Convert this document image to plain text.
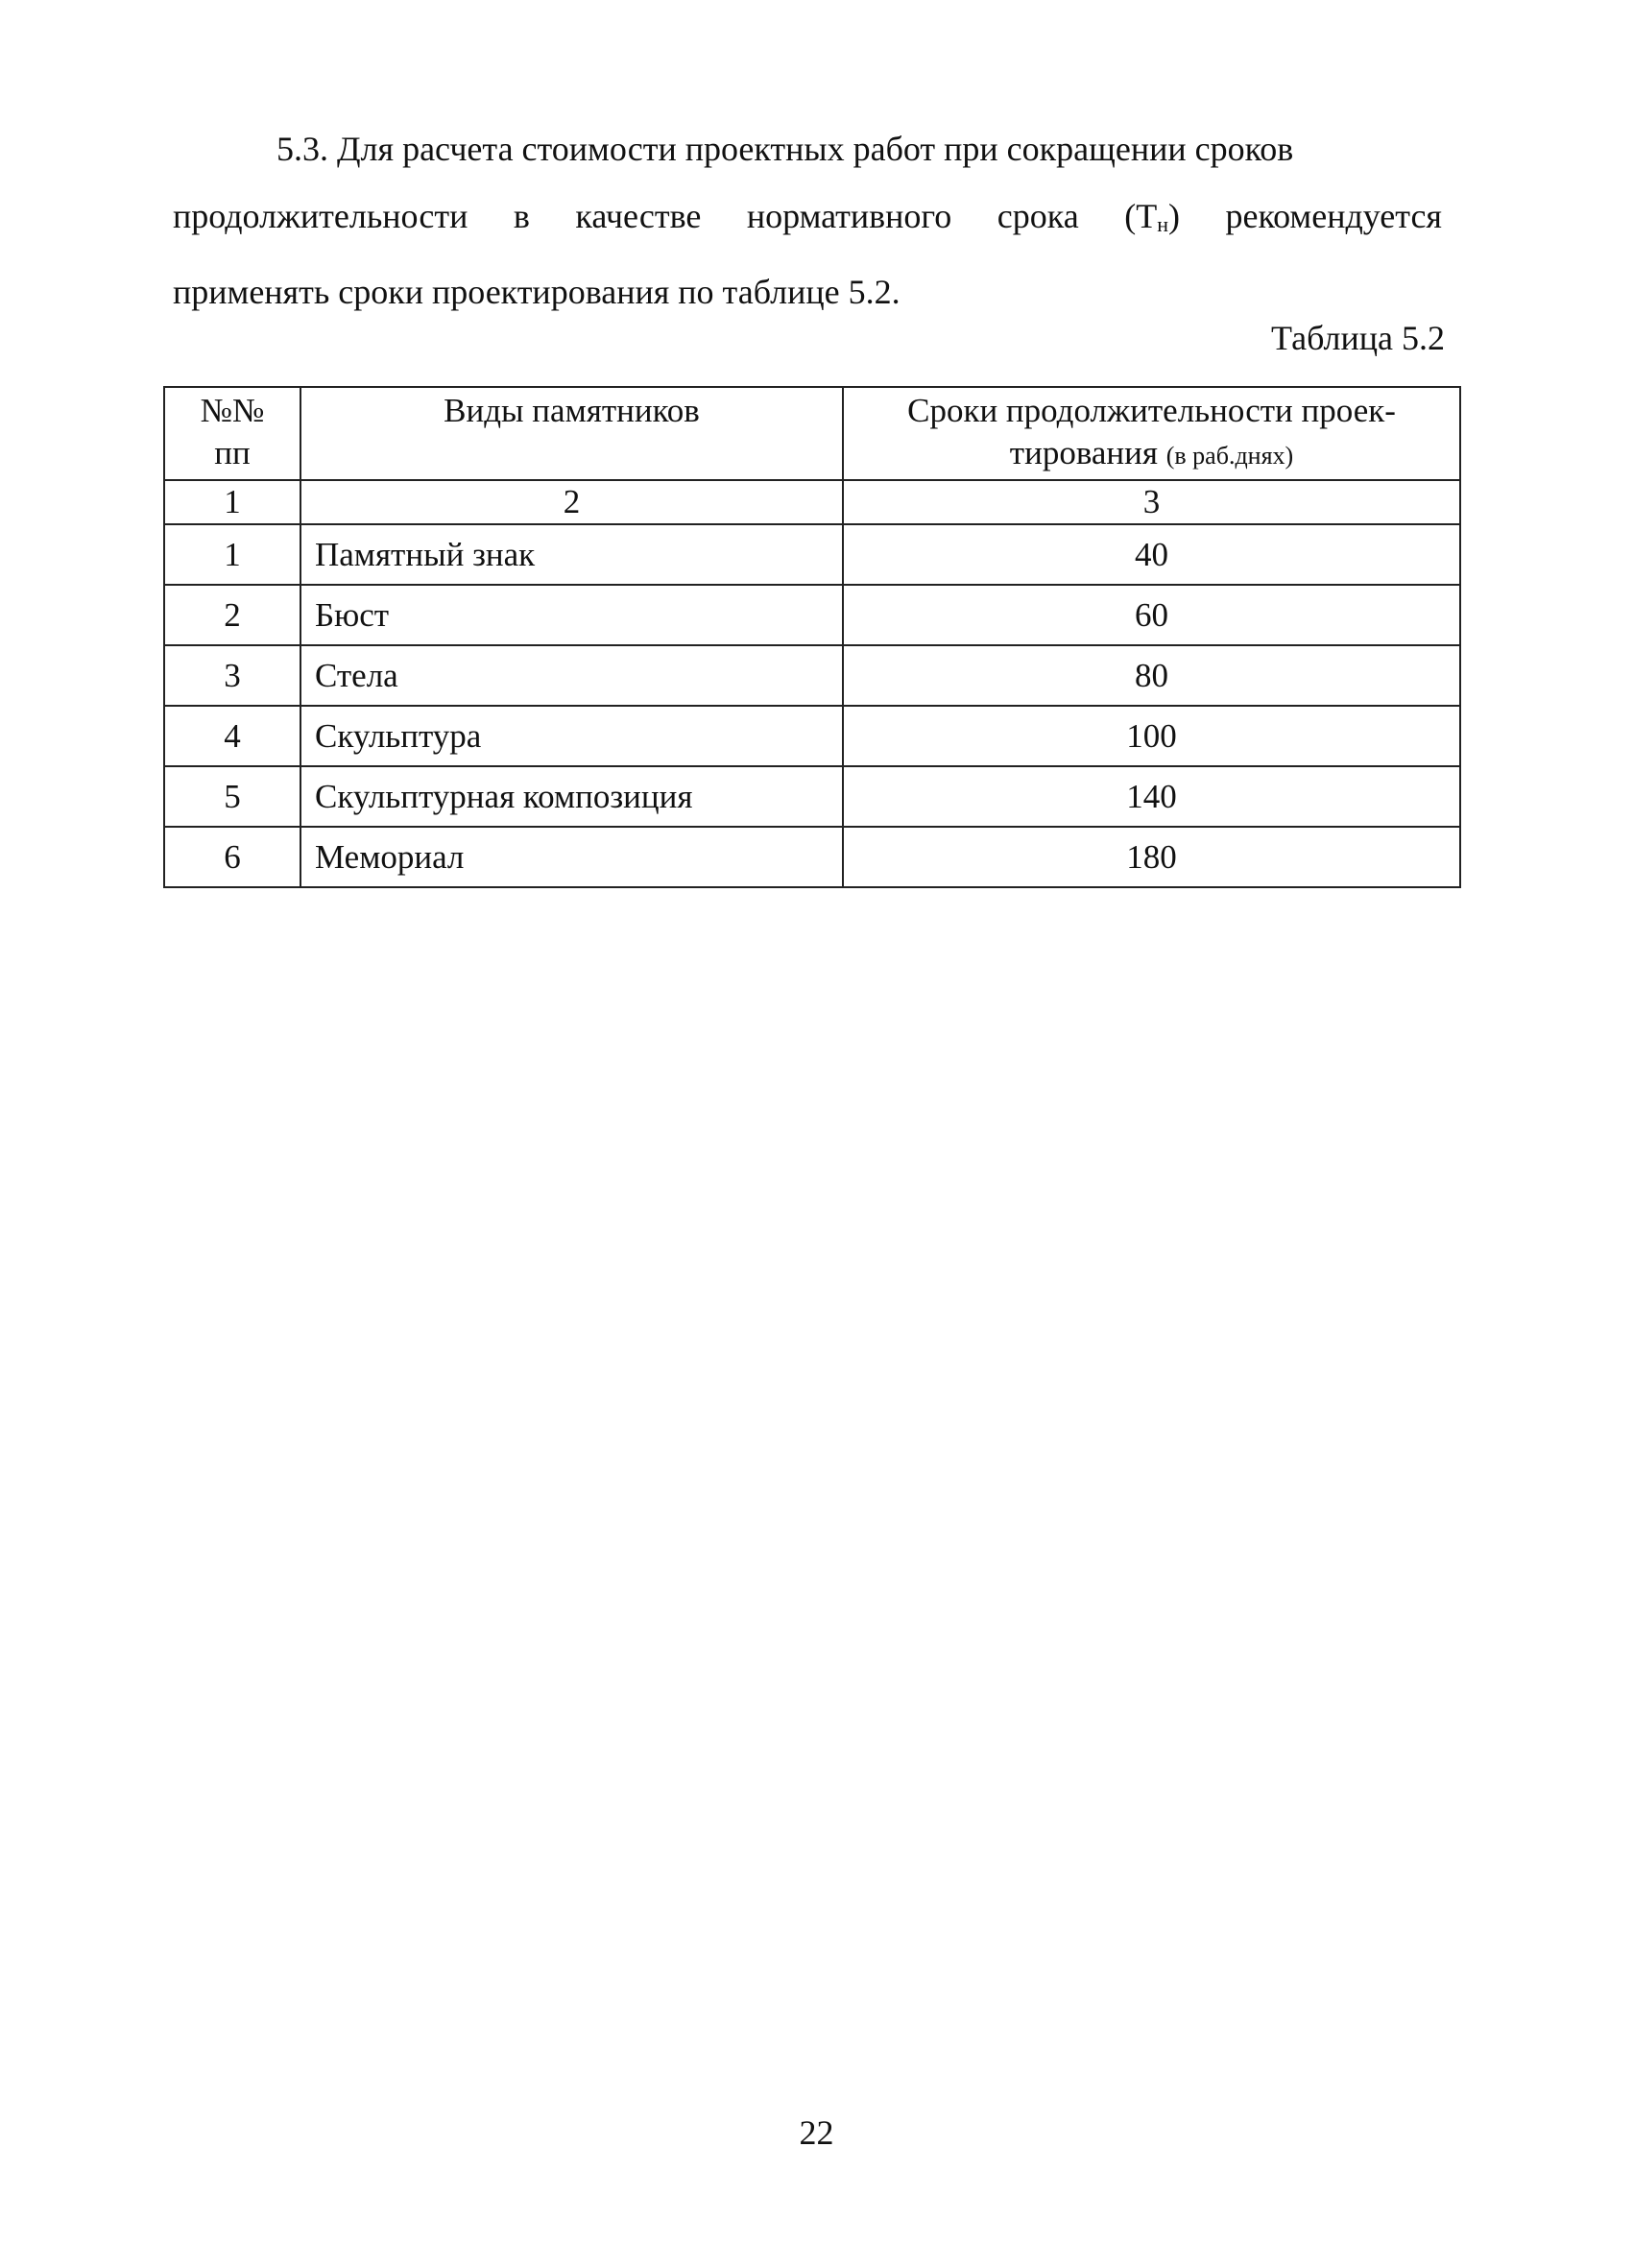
5.3. Для расчета стоимости проектных работ при сокращении сроков
продолжительности в качестве нормативного срока $(Т_н)$ рекомендуется
применять сроки проектирования по таблице 5.2.
Таблица 5.2
№№ пп	Виды памятников	Сроки продолжительности проек-тирования (в раб.днях)
1	2	3
1	Памятный знак	40
2	Бюст	60
3	Стела	80
4	Скульптура	100
5	Скульптурная композиция	140
6	Мемориал	180
22
